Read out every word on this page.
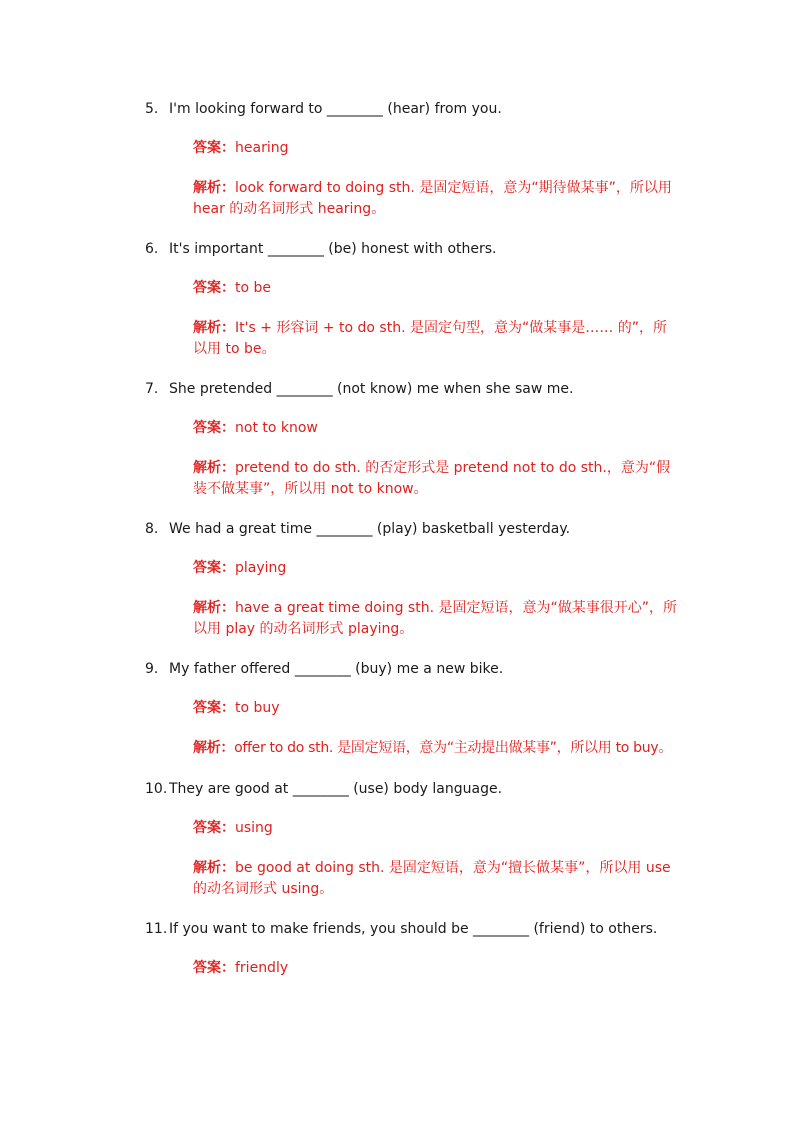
5. I'm looking forward to ________ (hear) from you.
答案：hearing
解析：look forward to doing sth. 是固定短语，意为“期待做某事”，所以用
hear 的动名词形式 hearing。
6. It's important ________ (be) honest with others.
答案：to be
解析：It's + 形容词 + to do sth. 是固定句型，意为“做某事是…… 的”，所
以用 to be。
7. She pretended ________ (not know) me when she saw me.
答案：not to know
解析：pretend to do sth. 的否定形式是 pretend not to do sth.，意为“假
装不做某事”，所以用 not to know。
8. We had a great time ________ (play) basketball yesterday.
答案：playing
解析：have a great time doing sth. 是固定短语，意为“做某事很开心”，所
以用 play 的动名词形式 playing。
9. My father offered ________ (buy) me a new bike.
答案：to buy
解析：offer to do sth. 是固定短语，意为“主动提出做某事”，所以用 to buy。
10. They are good at ________ (use) body language.
答案：using
解析：be good at doing sth. 是固定短语，意为“擅长做某事”，所以用 use
的动名词形式 using。
11. If you want to make friends, you should be ________ (friend) to others.
答案：friendly
